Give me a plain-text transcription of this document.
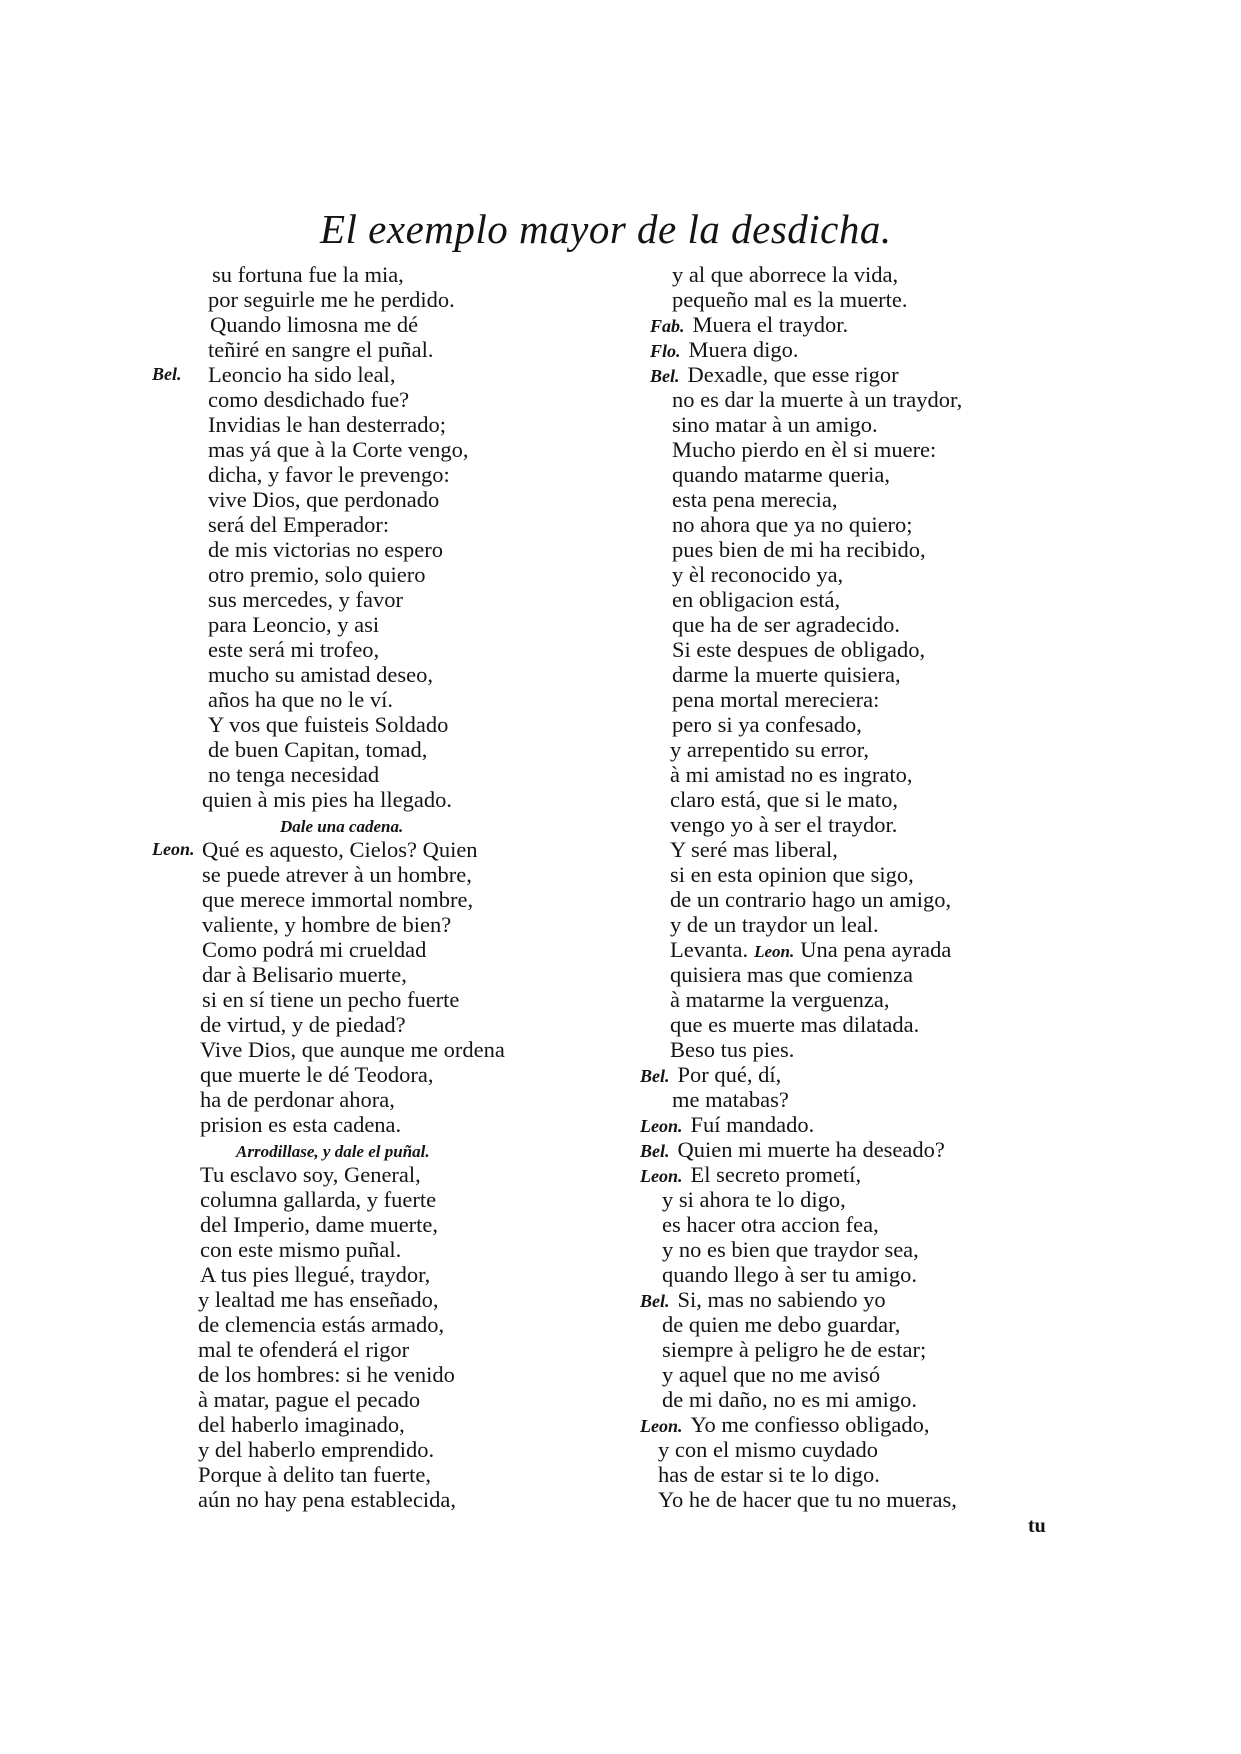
El exemplo mayor de la desdicha.
su fortuna fue la mia,
por seguirle me he perdido.
Quando limosna me dé
teñiré en sangre el puñal.
Bel. Leoncio ha sido leal,
como desdichado fue?
Invidias le han desterrado;
mas yá que à la Corte vengo,
dicha, y favor le prevengo:
vive Dios, que perdonado
será del Emperador:
de mis victorias no espero
otro premio, solo quiero
sus mercedes, y favor
para Leoncio, y asi
este será mi trofeo,
mucho su amistad deseo,
años ha que no le ví.
Y vos que fuisteis Soldado
de buen Capitan, tomad,
no tenga necesidad
quien à mis pies ha llegado.
Dale una cadena.
Leon. Qué es aquesto, Cielos? Quien
se puede atrever à un hombre,
que merece immortal nombre,
valiente, y hombre de bien?
Como podrá mi crueldad
dar à Belisario muerte,
si en sí tiene un pecho fuerte
de virtud, y de piedad?
Vive Dios, que aunque me ordena
que muerte le dé Teodora,
ha de perdonar ahora,
prision es esta cadena.
Arrodillase, y dale el puñal.
Tu esclavo soy, General,
columna gallarda, y fuerte
del Imperio, dame muerte,
con este mismo puñal.
A tus pies llegué, traydor,
y lealtad me has enseñado,
de clemencia estás armado,
mal te ofenderá el rigor
de los hombres: si he venido
à matar, pague el pecado
del haberlo imaginado,
y del haberlo emprendido.
Porque à delito tan fuerte,
aún no hay pena establecida,
y al que aborrece la vida,
pequeño mal es la muerte.
Fab. Muera el traydor.
Flo. Muera digo.
Bel. Dexadle, que esse rigor
no es dar la muerte à un traydor,
sino matar à un amigo.
Mucho pierdo en èl si muere:
quando matarme queria,
esta pena merecia,
no ahora que ya no quiero;
pues bien de mi ha recibido,
y èl reconocido ya,
en obligacion está,
que ha de ser agradecido.
Si este despues de obligado,
darme la muerte quisiera,
pena mortal mereciera:
pero si ya confesado,
y arrepentido su error,
à mi amistad no es ingrato,
claro está, que si le mato,
vengo yo à ser el traydor.
Y seré mas liberal,
si en esta opinion que sigo,
de un contrario hago un amigo,
y de un traydor un leal.
Levanta. Leon. Una pena ayrada
quisiera mas que comienza
à matarme la verguenza,
que es muerte mas dilatada.
Beso tus pies.
Bel. Por qué, dí,
me matabas?
Leon. Fuí mandado.
Bel. Quien mi muerte ha deseado?
Leon. El secreto prometí,
y si ahora te lo digo,
es hacer otra accion fea,
y no es bien que traydor sea,
quando llego à ser tu amigo.
Bel. Si, mas no sabiendo yo
de quien me debo guardar,
siempre à peligro he de estar;
y aquel que no me avisó
de mi daño, no es mi amigo.
Leon. Yo me confiesso obligado,
y con el mismo cuydado
has de estar si te lo digo.
Yo he de hacer que tu no mueras,
tu
